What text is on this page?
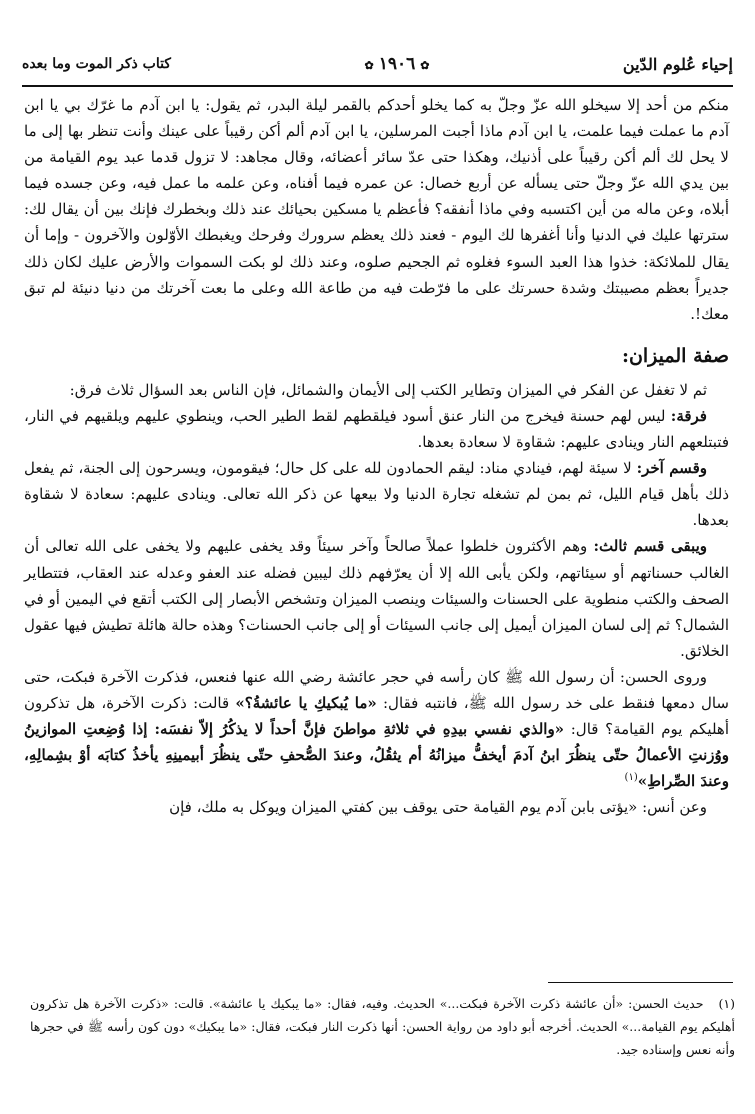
إحياء عُلوم الدّين
✿ ١٩٠٦ ✿
كتاب ذكر الموت وما بعده

منكم من أحد إلا سيخلو الله عزّ وجلّ به كما يخلو أحدكم بالقمر ليلة البدر، ثم يقول: يا ابن آدم ما غرّك بي يا ابن آدم ما عملت فيما علمت، يا ابن آدم ماذا أجبت المرسلين، يا ابن آدم ألم أكن رقيباً على عينك وأنت تنظر بها إلى ما لا يحل لك ألم أكن رقيباً على أذنيك، وهكذا حتى عدّ سائر أعضائه، وقال مجاهد: لا تزول قدما عبد يوم القيامة من بين يدي الله عزّ وجلّ حتى يسأله عن أربع خصال: عن عمره فيما أفناه، وعن علمه ما عمل فيه، وعن جسده فيما أبلاه، وعن ماله من أين اكتسبه وفي ماذا أنفقه؟ فأعظم يا مسكين بحيائك عند ذلك وبخطرك فإنك بين أن يقال لك: سترتها عليك في الدنيا وأنا أغفرها لك اليوم - فعند ذلك يعظم سرورك وفرحك ويغبطك الأوّلون والآخرون - وإما أن يقال للملائكة: خذوا هذا العبد السوء فغلوه ثم الجحيم صلوه، وعند ذلك لو بكت السموات والأرض عليك لكان ذلك جديراً بعظم مصيبتك وشدة حسرتك على ما فرّطت فيه من طاعة الله وعلى ما بعت آخرتك من دنيا دنيئة لم تبق معك!.

صفة الميزان:

ثم لا تغفل عن الفكر في الميزان وتطاير الكتب إلى الأيمان والشمائل، فإن الناس بعد السؤال ثلاث فرق:

فرقة: ليس لهم حسنة فيخرج من النار عنق أسود فيلقطهم لقط الطير الحب، وينطوي عليهم ويلقيهم في النار، فتبتلعهم النار وينادى عليهم: شقاوة لا سعادة بعدها.

وقسم آخر: لا سيئة لهم، فينادي مناد: ليقم الحمادون لله على كل حال؛ فيقومون، ويسرحون إلى الجنة، ثم يفعل ذلك بأهل قيام الليل، ثم بمن لم تشغله تجارة الدنيا ولا بيعها عن ذكر الله تعالى. وينادى عليهم: سعادة لا شقاوة بعدها.

ويبقى قسم ثالث: وهم الأكثرون خلطوا عملاً صالحاً وآخر سيئاً وقد يخفى عليهم ولا يخفى على الله تعالى أن الغالب حسناتهم أو سيئاتهم، ولكن يأبى الله إلا أن يعرّفهم ذلك ليبين فضله عند العفو وعدله عند العقاب، فتتطاير الصحف والكتب منطوية على الحسنات والسيئات وينصب الميزان وتشخص الأبصار إلى الكتب أتقع في اليمين أو في الشمال؟ ثم إلى لسان الميزان أيميل إلى جانب السيئات أو إلى جانب الحسنات؟ وهذه حالة هائلة تطيش فيها عقول الخلائق.

وروى الحسن: أن رسول الله ﷺ كان رأسه في حجر عائشة رضي الله عنها فنعس، فذكرت الآخرة فبكت، حتى سال دمعها فنقط على خد رسول الله ﷺ، فانتبه فقال: «ما يُبكيكِ يا عائشةُ؟» قالت: ذكرت الآخرة، هل تذكرون أهليكم يوم القيامة؟ قال: «والذي نفسي بيدِهِ في ثلاثةِ مواطنَ فإنَّ أحداً لا يذكُرُ إلاّ نفسَه: إذا وُضِعتِ الموازينُ ووُزنتِ الأعمالُ حتّى ينظُرَ ابنُ آدمَ أيخفُّ ميزانُهُ أم يثقُلُ، وعندَ الصُّحفِ حتّى ينظُرَ أبيمينِهِ يأخذُ كتابَه أوْ بشِمالِهِ، وعندَ الصِّراطِ»$^{(١)}$

وعن أنس: «يؤتى بابن آدم يوم القيامة حتى يوقف بين كفتي الميزان ويوكل به ملك، فإن

(١) حديث الحسن: «أن عائشة ذكرت الآخرة فبكت...» الحديث. وفيه، فقال: «ما يبكيك يا عائشة». قالت: «ذكرت الآخرة هل تذكرون أهليكم يوم القيامة...» الحديث. أخرجه أبو داود من رواية الحسن: أنها ذكرت النار فبكت، فقال: «ما يبكيك» دون كون رأسه ﷺ في حجرها وأنه نعس وإسناده جيد.
